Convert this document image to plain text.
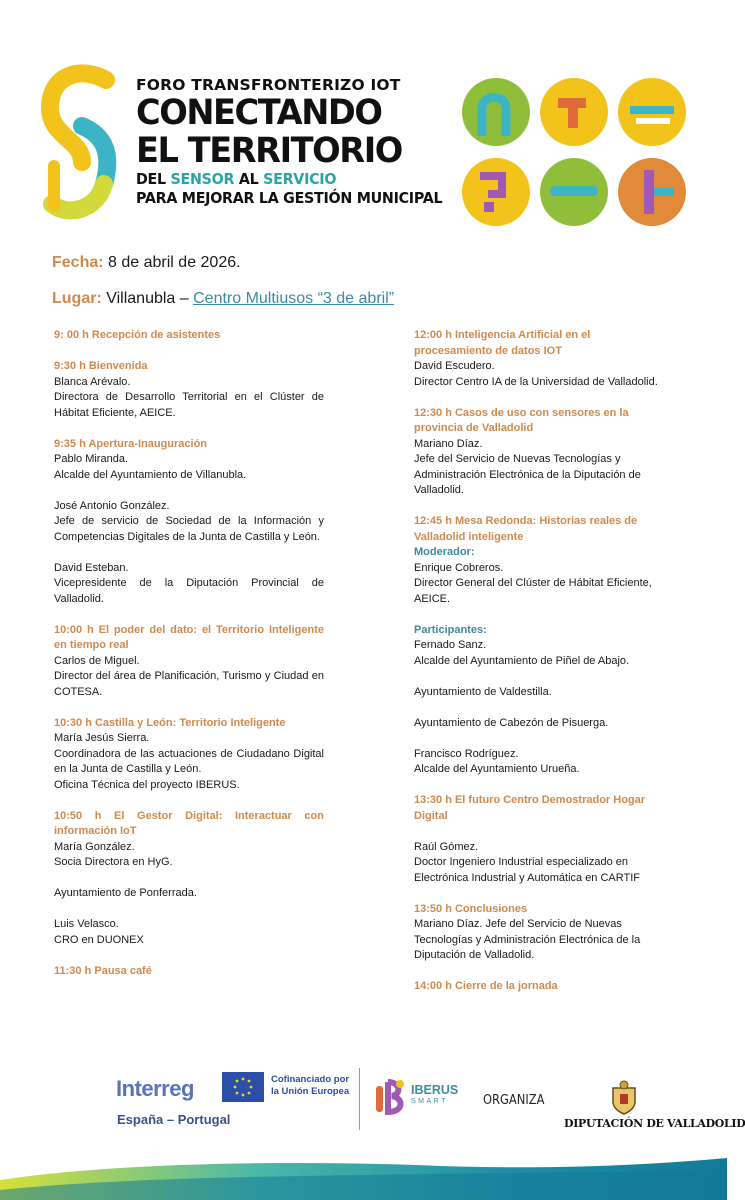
FORO TRANSFRONTERIZO IOT
CONECTANDO
EL TERRITORIO
DEL SENSOR AL SERVICIO
PARA MEJORAR LA GESTIÓN MUNICIPAL
Fecha: 8 de abril de 2026.
Lugar: Villanubla – Centro Multiusos “3 de abril”
9: 00 h Recepción de asistentes
9:30 h Bienvenida
Blanca Arévalo.
Directora de Desarrollo Territorial en el Clúster de Hábitat Eficiente, AEICE.
9:35 h Apertura-Inauguración
Pablo Miranda.
Alcalde del Ayuntamiento de Villanubla.
José Antonio González.
Jefe de servicio de Sociedad de la Información y Competencias Digitales de la Junta de Castilla y León.
David Esteban.
Vicepresidente de la Diputación Provincial de Valladolid.
10:00 h El poder del dato: el Territorio Inteligente en tiempo real
Carlos de Miguel.
Director del área de Planificación, Turismo y Ciudad en COTESA.
10:30 h Castilla y León: Territorio Inteligente
María Jesús Sierra.
Coordinadora de las actuaciones de Ciudadano Digital en la Junta de Castilla y León.
Oficina Técnica del proyecto IBERUS.
10:50 h El Gestor Digital: Interactuar con información IoT
María González.
Socia Directora en HyG.
Ayuntamiento de Ponferrada.
Luis Velasco.
CRO en DUONEX
11:30 h Pausa café
12:00 h Inteligencia Artificial en el procesamiento de datos IOT
David Escudero.
Director Centro IA de la Universidad de Valladolid.
12:30 h Casos de uso con sensores en la provincia de Valladolid
Mariano Díaz.
Jefe del Servicio de Nuevas Tecnologías y Administración Electrónica de la Diputación de Valladolid.
12:45 h Mesa Redonda: Historias reales de Valladolid inteligente
Moderador:
Enrique Cobreros.
Director General del Clúster de Hábitat Eficiente, AEICE.
Participantes:
Fernado Sanz.
Alcalde del Ayuntamiento de Piñel de Abajo.
Ayuntamiento de Valdestilla.
Ayuntamiento de Cabezón de Pisuerga.
Francisco Rodríguez.
Alcalde del Ayuntamiento Urueña.
13:30 h El futuro Centro Demostrador Hogar Digital
Raúl Gómez.
Doctor Ingeniero Industrial especializado en Electrónica Industrial y Automática en CARTIF
13:50 h Conclusiones
Mariano Díaz. Jefe del Servicio de Nuevas Tecnologías y Administración Electrónica de la Diputación de Valladolid.
14:00 h Cierre de la jornada
Interreg
España – Portugal
Cofinanciado por
la Unión Europea	IBERUS
SMART	ORGANIZA
DIPUTACIÓN DE VALLADOLID
